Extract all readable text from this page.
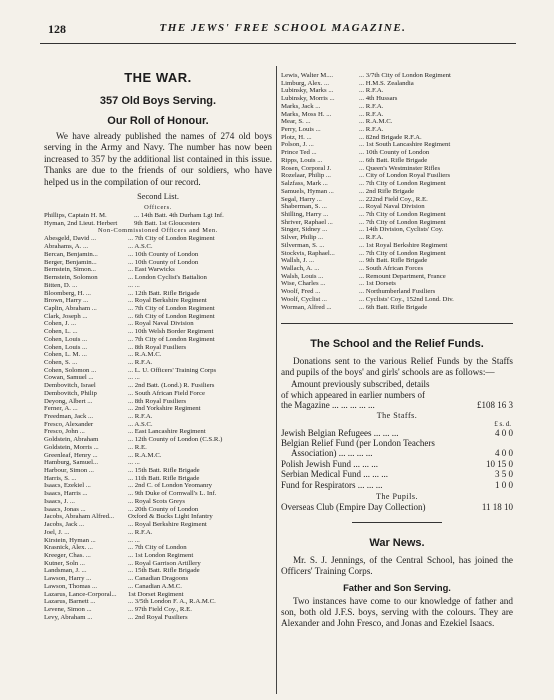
128	THE JEWS' FREE SCHOOL MAGAZINE.
THE WAR.
357 Old Boys Serving.
Our Roll of Honour.

We have already published the names of 274 old boys serving in the Army and Navy. The number has now been increased to 357 by the additional list contained in this issue. Thanks are due to the friends of our soldiers, who have helped us in the compilation of our record.

Second List.
Officers.
Phillips, Captain H. M.	... 14th Batt. 4th Durham Lgt Inf.
Hyman, 2nd Lieut. Herbert	9th Batt. 1st Gloucesters
Non-Commissioned Officers and Men.
Abesgeld, David ...	... 7th City of London Regiment
Abrahams, A. ...	... A.S.C.
Bercan, Benjamin...	... 10th County of London
Berger, Benjamin...	... 10th County of London
Bernstein, Simon...	... East Warwicks
Bernstein, Solomon	... London Cyclist's Battalion
Bitten, D. ...	... ...
Bloomberg, H. ...	... 12th Batt. Rifle Brigade
Brown, Harry ...	... Royal Berkshire Regiment
Caplin, Abraham ...	... 7th City of London Regiment
Clark, Joseph ...	... 6th City of London Regiment
Cohen, J. ...	... Royal Naval Division
Cohen, L. ...	... 10th Welsh Border Regiment
Cohen, Louis ...	... 7th City of London Regiment
Cohen, Louis ...	... 8th Royal Fusiliers
Cohen, L. M. ...	... R.A.M.C.
Cohen, S. ...	... R.F.A.
Cohen, Solomon ...	... L. U. Officers' Training Corps
Cowan, Samuel ...	... ...
Dembovitch, Israel	... 2nd Batt. (Lond.) R. Fusiliers
Dembovitch, Philip	... South African Field Force
Deyong, Albert ...	... 8th Royal Fusiliers
Ferner, A. ...	... 2nd Yorkshire Regiment
Freedman, Jack ...	... R.F.A.
Fresco, Alexander	... A.S.C.
Fresco, John ...	... East Lancashire Regiment
Goldstein, Abraham	... 12th County of London (C.S.R.)
Goldstein, Morris ...	... R.E.
Greenleaf, Henry ...	... R.A.M.C.
Hamburg, Samuel...	... ...
Harbour, Simon ...	... 15th Batt. Rifle Brigade
Harris, S. ...	... 11th Batt. Rifle Brigade
Isaacs, Ezekiel ...	... 2nd C. of London Yeomanry
Isaacs, Harris ...	... 9th Duke of Cornwall's L. Inf.
Isaacs, J. ...	... Royal Scots Greys
Isaacs, Jonas ...	... 20th County of London
Jacobs, Abraham Alfred...	Oxford & Bucks Light Infantry
Jacobs, Jack ...	... Royal Berkshire Regiment
Joel, J. ...	... R.F.A.
Kirstein, Hyman ...	... ...
Krasnick, Alex. ...	... 7th City of London
Kreeger, Chas. ...	... 1st London Regiment
Kutner, Soln ...	... Royal Garrison Artillery
Landsman, J. ...	... 15th Batt. Rifle Brigade
Lawson, Harry ...	... Canadian Dragoons
Lawson, Thomas ...	... Canadian A.M.C.
Lazarus, Lance-Corporal...	1st Dorset Regiment
Lazarus, Barnett ...	... 3/5th London F. A., R.A.M.C.
Levene, Simon ...	... 97th Field Coy., R.E.
Levy, Abraham ...	... 2nd Royal Fusiliers
Lewis, Walter M....	... 3/7th City of London Regiment
Limburg, Alex. ...	... H.M.S. Zealandia
Lubinsky, Marks ...	... R.F.A.
Lubinsky, Morris ...	... 4th Hussars
Marks, Jack ...	... R.F.A.
Marks, Moss H. ...	... R.F.A.
Mear, S. ...	... R.A.M.C.
Perry, Louis ...	... R.F.A.
Plotz, H. ...	... 82nd Brigade R.F.A.
Polson, J. ...	... 1st South Lancashire Regiment
Prince Ted ...	... 10th County of London
Ripps, Louis ...	... 6th Batt. Rifle Brigade
Rosen, Corporal J.	... Queen's Westminster Rifles
Rozelaar, Philip ...	... City of London Royal Fusiliers
Salzfass, Mark ...	... 7th City of London Regiment
Samuels, Hyman ...	... 2nd Rifle Brigade
Segal, Harry ...	... 222nd Field Coy., R.E.
Shaberman, S. ...	... Royal Naval Division
Shilling, Harry ...	... 7th City of London Regiment
Shriver, Raphael ...	... 7th City of London Regiment
Singer, Sidney ...	... 14th Division, Cyclists' Coy.
Silver, Philip ...	... R.F.A.
Silverman, S. ...	... 1st Royal Berkshire Regiment
Stockvis, Raphael...	... 7th City of London Regiment
Wallsh, J. ...	... 9th Batt. Rifle Brigade
Wallach, A. ...	... South African Forces
Walsh, Louis ...	... Remount Department, France
Wise, Charles ...	... 1st Dorsets
Woolf, Fred ...	... Northumberland Fusiliers
Woolf, Cyclist ...	... Cyclists' Coy., 152nd Lond. Div.
Worman, Alfred ...	... 6th Batt. Rifle Brigade
The School and the Relief Funds.

Donations sent to the various Relief Funds by the Staffs and pupils of the boys' and girls' schools are as follows:—

Amount previously subscribed, details
of which appeared in earlier numbers of
the Magazine ... ... ... ... ...	£108 16 3
The Staffs.
£ s. d.
Jewish Belgian Refugees ... ... ...	4 0 0
Belgian Relief Fund (per London Teachers
Association) ... ... ... ...	4 0 0
Polish Jewish Fund ... ... ...	10 15 0
Serbian Medical Fund ... ... ...	3 5 0
Fund for Respirators ... ... ...	1 0 0
The Pupils.
Overseas Club (Empire Day Collection)	11 18 10
War News.

Mr. S. J. Jennings, of the Central School, has joined the Officers' Training Corps.

Father and Son Serving.

Two instances have come to our knowledge of father and son, both old J.F.S. boys, serving with the colours. They are Alexander and John Fresco, and Jonas and Ezekiel Isaacs.
